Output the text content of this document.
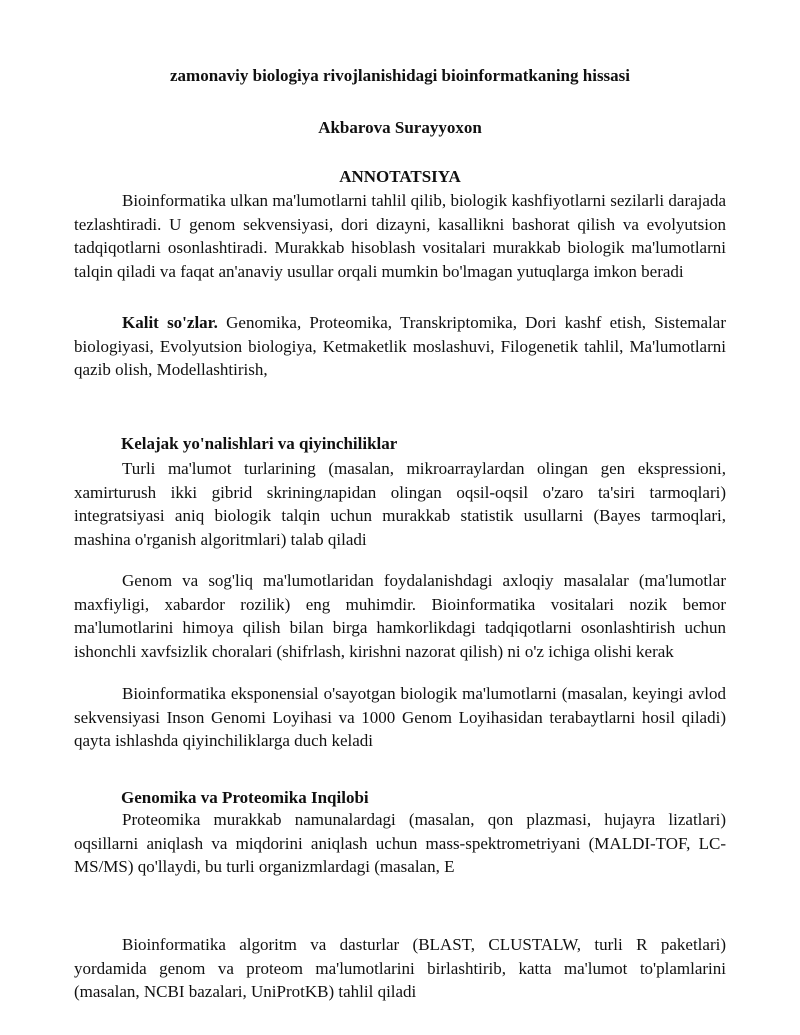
zamonaviy biologiya rivojlanishidagi bioinformatkaning hissasi
Akbarova Surayyoxon
ANNOTATSIYA

Bioinformatika ulkan ma'lumotlarni tahlil qilib, biologik kashfiyotlarni sezilarli darajada tezlashtiradi. U genom sekvensiyasi, dori dizayni, kasallikni bashorat qilish va evolyutsion tadqiqotlarni osonlashtiradi. Murakkab hisoblash vositalari murakkab biologik ma'lumotlarni talqin qiladi va faqat an'anaviy usullar orqali mumkin bo'lmagan yutuqlarga imkon beradi

Kalit so'zlar. Genomika, Proteomika, Transkriptomika, Dori kashf etish, Sistemalar biologiyasi, Evolyutsion biologiya, Ketmaketlik moslashuvi, Filogenetik tahlil, Ma'lumotlarni qazib olish, Modellashtirish,

Kelajak yo'nalishlari va qiyinchiliklar

Turli ma'lumot turlarining (masalan, mikroarraylardan olingan gen ekspressioni, xamirturush ikki gibrid skriningларidan olingan oqsil-oqsil o'zaro ta'siri tarmoqlari) integratsiyasi aniq biologik talqin uchun murakkab statistik usullarni (Bayes tarmoqlari, mashina o'rganish algoritmlari) talab qiladi

Genom va sog'liq ma'lumotlaridan foydalanishdagi axloqiy masalalar (ma'lumotlar maxfiyligi, xabardor rozilik) eng muhimdir. Bioinformatika vositalari nozik bemor ma'lumotlarini himoya qilish bilan birga hamkorlikdagi tadqiqotlarni osonlashtirish uchun ishonchli xavfsizlik choralari (shifrlash, kirishni nazorat qilish) ni o'z ichiga olishi kerak

Bioinformatika eksponensial o'sayotgan biologik ma'lumotlarni (masalan, keyingi avlod sekvensiyasi Inson Genomi Loyihasi va 1000 Genom Loyihasidan terabaytlarni hosil qiladi) qayta ishlashda qiyinchiliklarga duch keladi

Genomika va Proteomika Inqilobi

Proteomika murakkab namunalardagi (masalan, qon plazmasi, hujayra lizatlari) oqsillarni aniqlash va miqdorini aniqlash uchun mass-spektrometriyani (MALDI-TOF, LC-MS/MS) qo'llaydi, bu turli organizmlardagi (masalan, E

Bioinformatika algoritm va dasturlar (BLAST, CLUSTALW, turli R paketlari) yordamida genom va proteom ma'lumotlarini birlashtirib, katta ma'lumot to'plamlarini (masalan, NCBI bazalari, UniProtKB) tahlil qiladi
